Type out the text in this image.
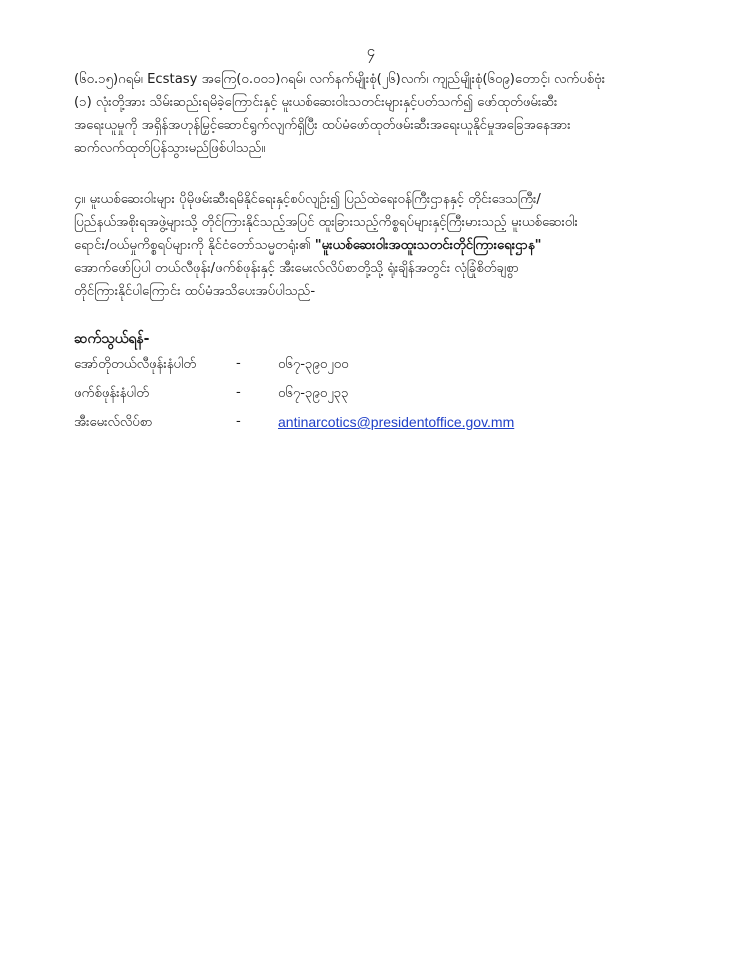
၄
(၆၀.၁၅)ဂရမ်၊ Ecstasy အကြေ(၀.၀၀၁)ဂရမ်၊ လက်နက်မျိုးစုံ(၂၆)လက်၊ ကျည်မျိုးစုံ(၆၀၉)တောင့်၊ လက်ပစ်ဗုံး
(၁) လုံးတို့အား သိမ်းဆည်းရမိခဲ့ကြောင်းနှင့် မူးယစ်ဆေးဝါးသတင်းများနှင့်ပတ်သက်၍ ဖော်ထုတ်ဖမ်းဆီး
အရေးယူမှုကို အရှိန်အဟုန်မြှင့်ဆောင်ရွက်လျက်ရှိပြီး ထပ်မံဖော်ထုတ်ဖမ်းဆီးအရေးယူနိုင်မှုအခြေအနေအား
ဆက်လက်ထုတ်ပြန်သွားမည်ဖြစ်ပါသည်။
၄။ မူးယစ်ဆေးဝါးများ ပိုမိုဖမ်းဆီးရမိနိုင်ရေးနှင့်စပ်လျဉ်း၍ ပြည်ထဲရေးဝန်ကြီးဌာနနှင့် တိုင်းဒေသကြီး/
ပြည်နယ်အစိုးရအဖွဲ့များသို့ တိုင်ကြားနိုင်သည့်အပြင် ထူးခြားသည့်ကိစ္စရပ်များနှင့်ကြီးမားသည့် မူးယစ်ဆေးဝါး
ရောင်း/ဝယ်မှုကိစ္စရပ်များကို နိုင်ငံတော်သမ္မတရုံး၏ "မူးယစ်ဆေးဝါးအထူးသတင်းတိုင်ကြားရေးဌာန"
အောက်ဖော်ပြပါ တယ်လီဖုန်း/ဖက်စ်ဖုန်းနှင့် အီးမေးလ်လိပ်စာတို့သို့ ရုံးချိန်အတွင်း လုံခြုံစိတ်ချစွာ
တိုင်ကြားနိုင်ပါကြောင်း ထပ်မံအသိပေးအပ်ပါသည်-
ဆက်သွယ်ရန်-
အော်တိုတယ်လီဖုန်းနံပါတ်	-	၀၆၇-၃၉၀၂၀၀
ဖက်စ်ဖုန်းနံပါတ်	-	၀၆၇-၃၉၀၂၃၃
အီးမေးလ်လိပ်စာ	-	antinarcotics@presidentoffice.gov.mm
